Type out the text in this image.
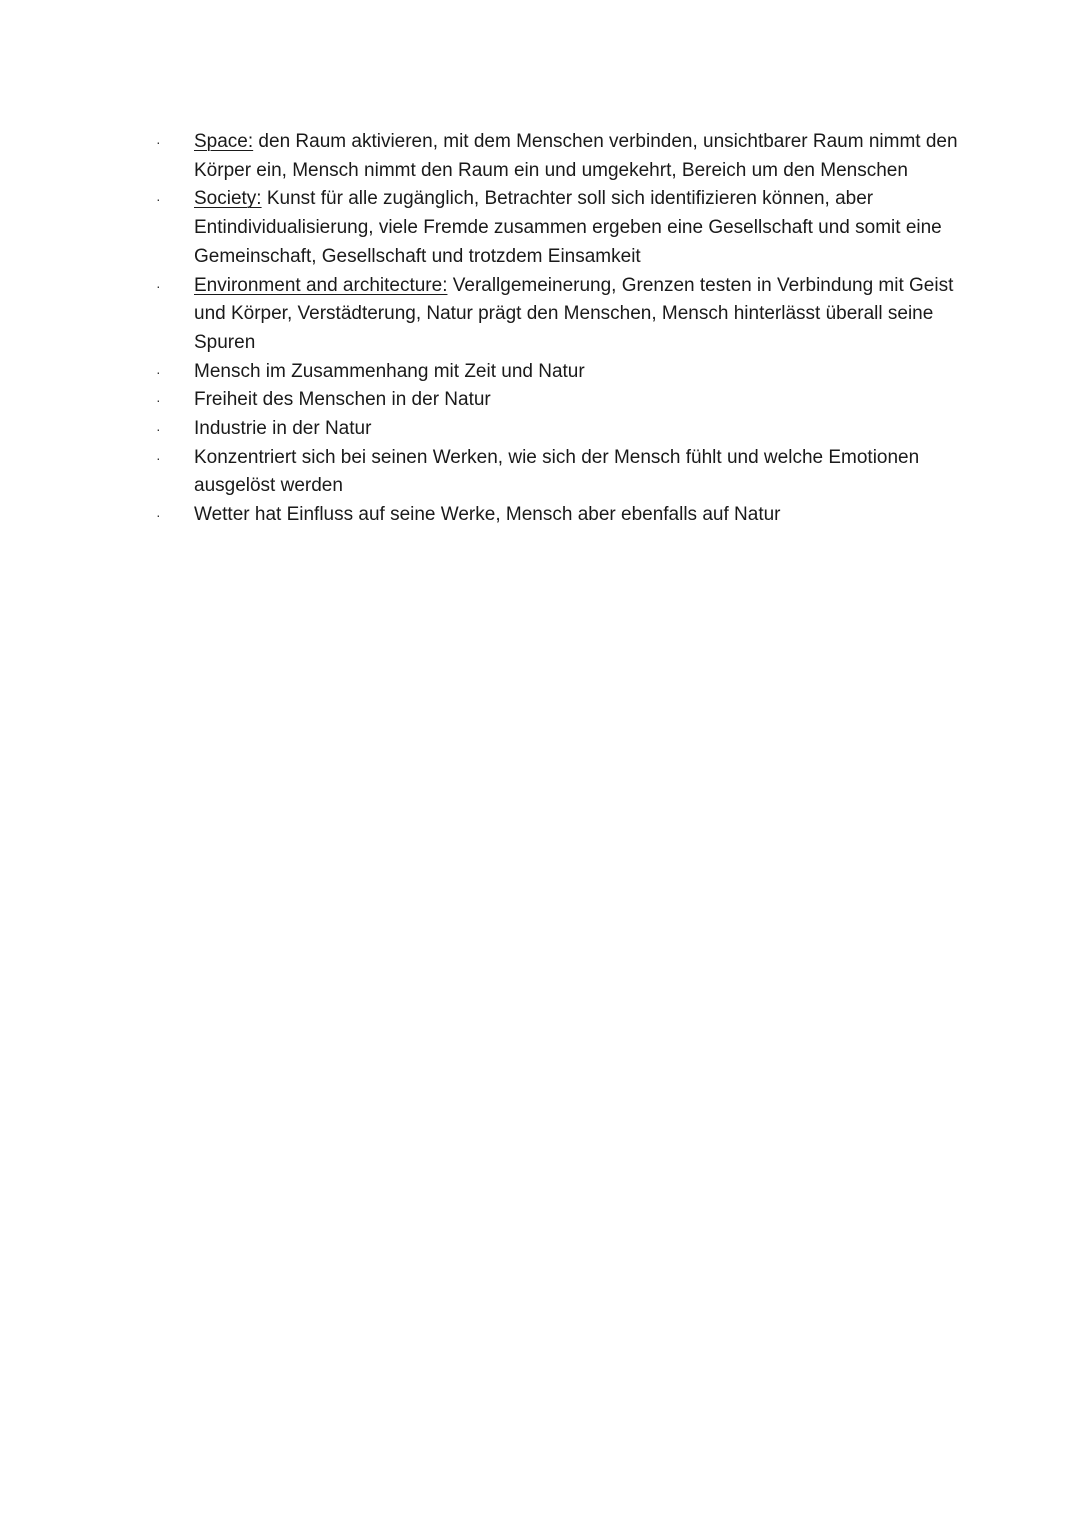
· Space: den Raum aktivieren, mit dem Menschen verbinden, unsichtbarer Raum nimmt den Körper ein, Mensch nimmt den Raum ein und umgekehrt, Bereich um den Menschen
· Society: Kunst für alle zugänglich, Betrachter soll sich identifizieren können, aber Entindividualisierung, viele Fremde zusammen ergeben eine Gesellschaft und somit eine Gemeinschaft, Gesellschaft und trotzdem Einsamkeit
· Environment and architecture: Verallgemeinerung, Grenzen testen in Verbindung mit Geist und Körper, Verstädterung, Natur prägt den Menschen, Mensch hinterlässt überall seine Spuren
· Mensch im Zusammenhang mit Zeit und Natur
· Freiheit des Menschen in der Natur
· Industrie in der Natur
· Konzentriert sich bei seinen Werken, wie sich der Mensch fühlt und welche Emotionen ausgelöst werden
· Wetter hat Einfluss auf seine Werke, Mensch aber ebenfalls auf Natur
